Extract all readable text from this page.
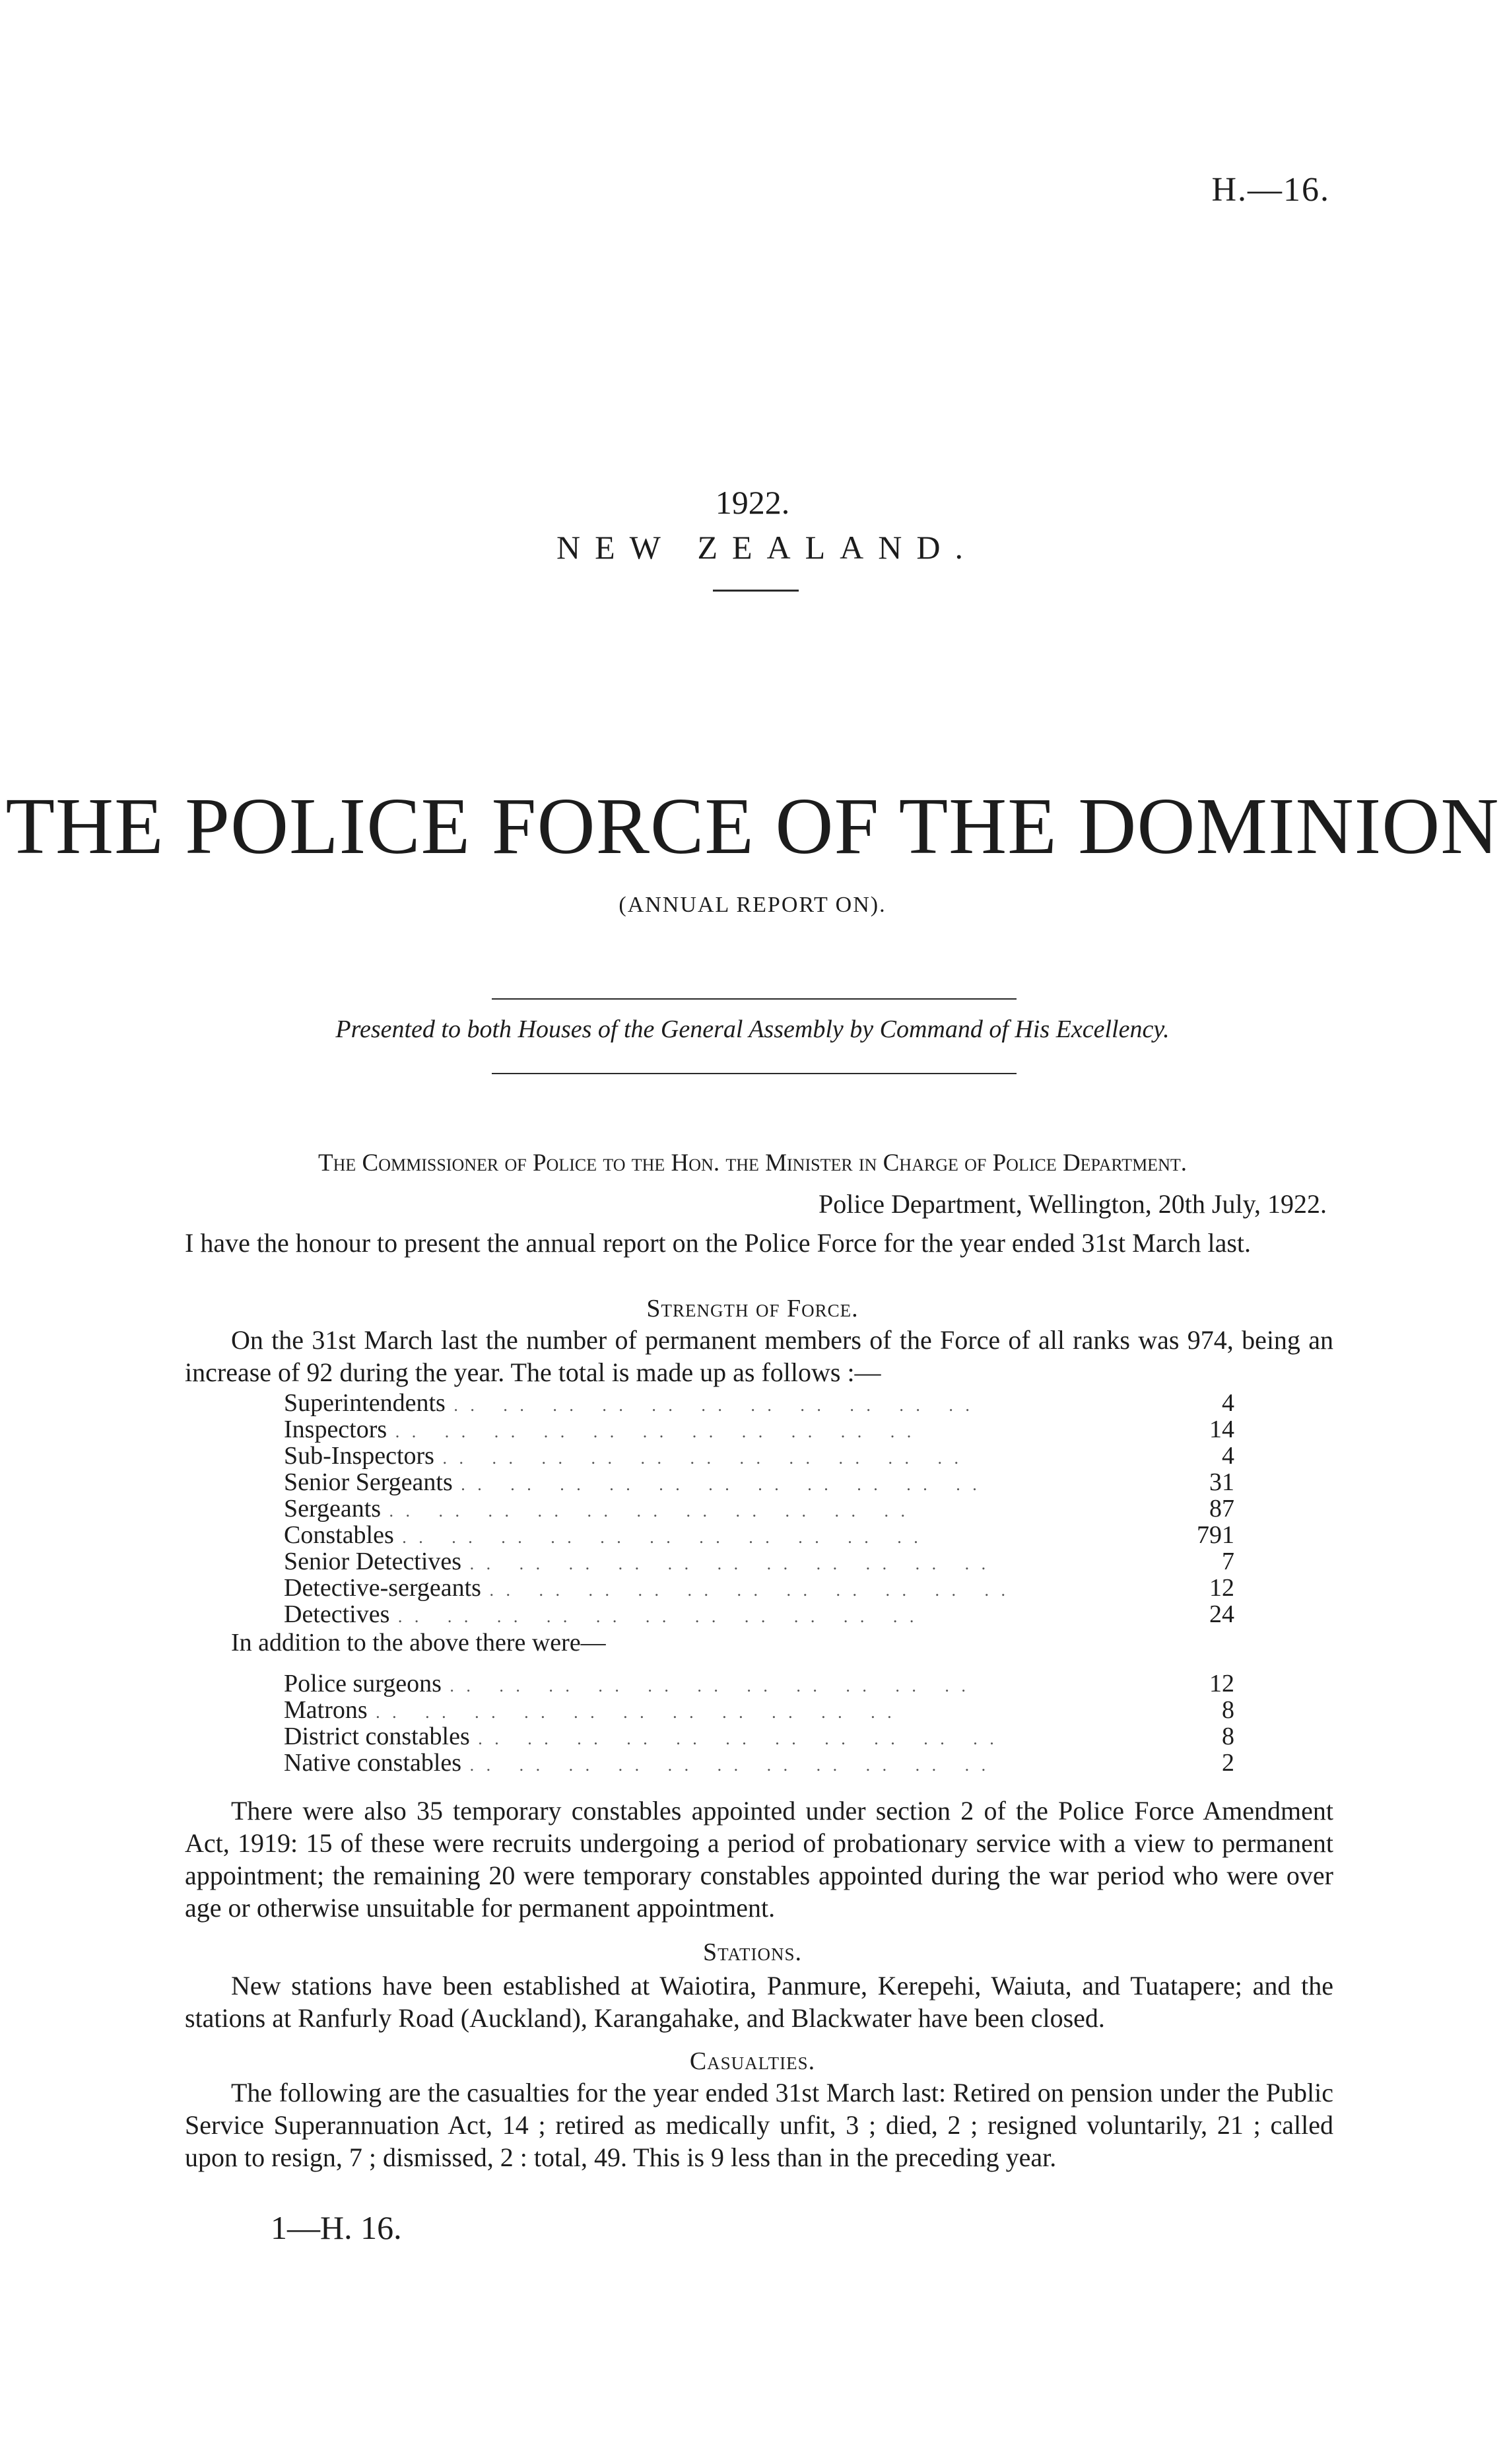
H.—16.
1922.
NEW ZEALAND.
THE POLICE FORCE OF THE DOMINION
(ANNUAL REPORT ON).
Presented to both Houses of the General Assembly by Command of His Excellency.
The Commissioner of Police to the Hon. the Minister in Charge of Police Department.
Police Department, Wellington, 20th July, 1922.
I have the honour to present the annual report on the Police Force for the year ended 31st March last.
Strength of Force.
On the 31st March last the number of permanent members of the Force of all ranks was 974, being an increase of 92 during the year. The total is made up as follows :—
Superintendents . .	4
Inspectors . .	14
Sub-Inspectors . .	4
Senior Sergeants . .	31
Sergeants . .	87
Constables . .	791
Senior Detectives . .	7
Detective-sergeants . .	12
Detectives . .	24
In addition to the above there were—
Police surgeons . .	12
Matrons . .	8
District constables . .	8
Native constables . .	2
There were also 35 temporary constables appointed under section 2 of the Police Force Amendment Act, 1919: 15 of these were recruits undergoing a period of probationary service with a view to permanent appointment; the remaining 20 were temporary constables appointed during the war period who were over age or otherwise unsuitable for permanent appointment.
Stations.
New stations have been established at Waiotira, Panmure, Kerepehi, Waiuta, and Tuatapere; and the stations at Ranfurly Road (Auckland), Karangahake, and Blackwater have been closed.
Casualties.
The following are the casualties for the year ended 31st March last: Retired on pension under the Public Service Superannuation Act, 14 ; retired as medically unfit, 3 ; died, 2 ; resigned voluntarily, 21 ; called upon to resign, 7 ; dismissed, 2 : total, 49. This is 9 less than in the preceding year.
1—H. 16.
